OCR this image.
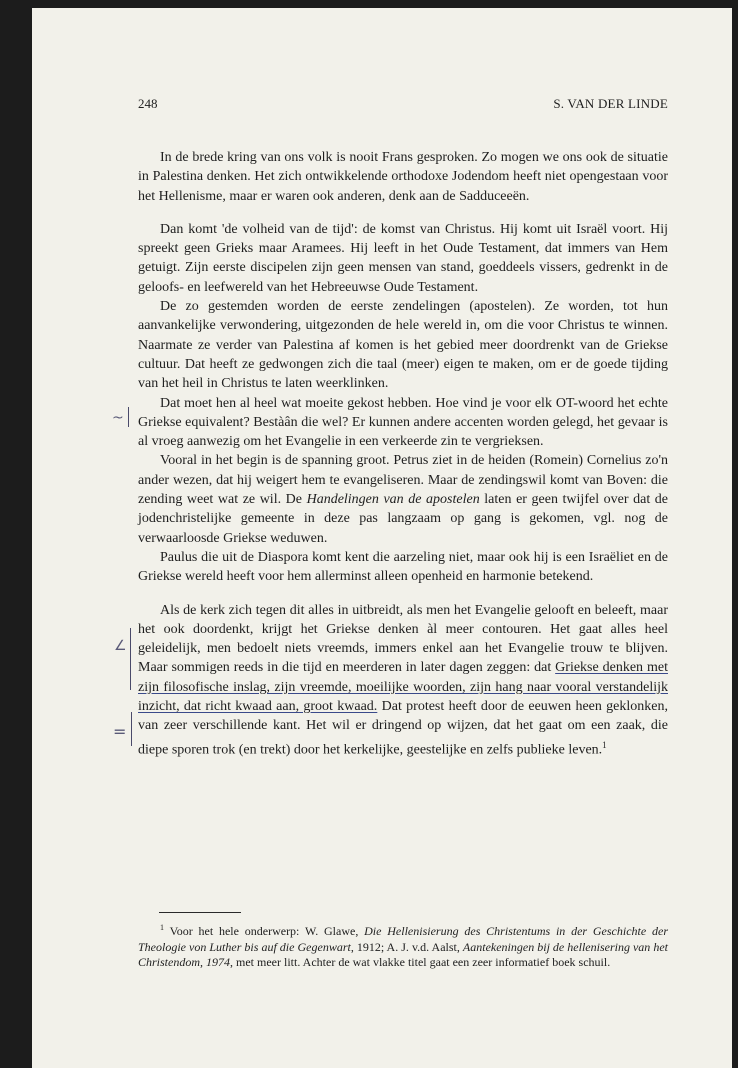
248	S. VAN DER LINDE

In de brede kring van ons volk is nooit Frans gesproken. Zo mogen we ons ook de situatie in Palestina denken. Het zich ontwikkelende orthodoxe Jodendom heeft niet opengestaan voor het Hellenisme, maar er waren ook anderen, denk aan de Sadduceeën.

Dan komt 'de volheid van de tijd': de komst van Christus. Hij komt uit Israël voort. Hij spreekt geen Grieks maar Aramees. Hij leeft in het Oude Testament, dat immers van Hem getuigt. Zijn eerste discipelen zijn geen mensen van stand, goeddeels vissers, gedrenkt in de geloofs- en leefwereld van het Hebreeuwse Oude Testament.

De zo gestemden worden de eerste zendelingen (apostelen). Ze worden, tot hun aanvankelijke verwondering, uitgezonden de hele wereld in, om die voor Christus te winnen. Naarmate ze verder van Palestina af komen is het gebied meer doordrenkt van de Griekse cultuur. Dat heeft ze gedwongen zich die taal (meer) eigen te maken, om er de goede tijding van het heil in Christus te laten weerklinken.

Dat moet hen al heel wat moeite gekost hebben. Hoe vind je voor elk OT-woord het echte Griekse equivalent? Bestàân die wel? Er kunnen andere accenten worden gelegd, het gevaar is al vroeg aanwezig om het Evangelie in een verkeerde zin te vergrieksen.

Vooral in het begin is de spanning groot. Petrus ziet in de heiden (Romein) Cornelius zo'n ander wezen, dat hij weigert hem te evangeliseren. Maar de zendingswil komt van Boven: die zending weet wat ze wil. De Handelingen van de apostelen laten er geen twijfel over dat de jodenchristelijke gemeente in deze pas langzaam op gang is gekomen, vgl. nog de verwaarloosde Griekse weduwen.

Paulus die uit de Diaspora komt kent die aarzeling niet, maar ook hij is een Israëliet en de Griekse wereld heeft voor hem allerminst alleen openheid en harmonie betekend.

Als de kerk zich tegen dit alles in uitbreidt, als men het Evangelie gelooft en beleeft, maar het ook doordenkt, krijgt het Griekse denken àl meer contouren. Het gaat alles heel geleidelijk, men bedoelt niets vreemds, immers enkel aan het Evangelie trouw te blijven. Maar sommigen reeds in die tijd en meerderen in later dagen zeggen: dat Griekse denken met zijn filosofische inslag, zijn vreemde, moeilijke woorden, zijn hang naar vooral verstandelijk inzicht, dat richt kwaad aan, groot kwaad. Dat protest heeft door de eeuwen heen geklonken, van zeer verschillende kant. Het wil er dringend op wijzen, dat het gaat om een zaak, die diepe sporen trok (en trekt) door het kerkelijke, geestelijke en zelfs publieke leven.$^1$

$^1$ Voor het hele onderwerp: W. Glawe, Die Hellenisierung des Christentums in der Geschichte der Theologie von Luther bis auf die Gegenwart, 1912; A. J. v.d. Aalst, Aantekeningen bij de hellenisering van het Christendom, 1974, met meer litt. Achter de wat vlakke titel gaat een zeer informatief boek schuil.
~
∠
=
